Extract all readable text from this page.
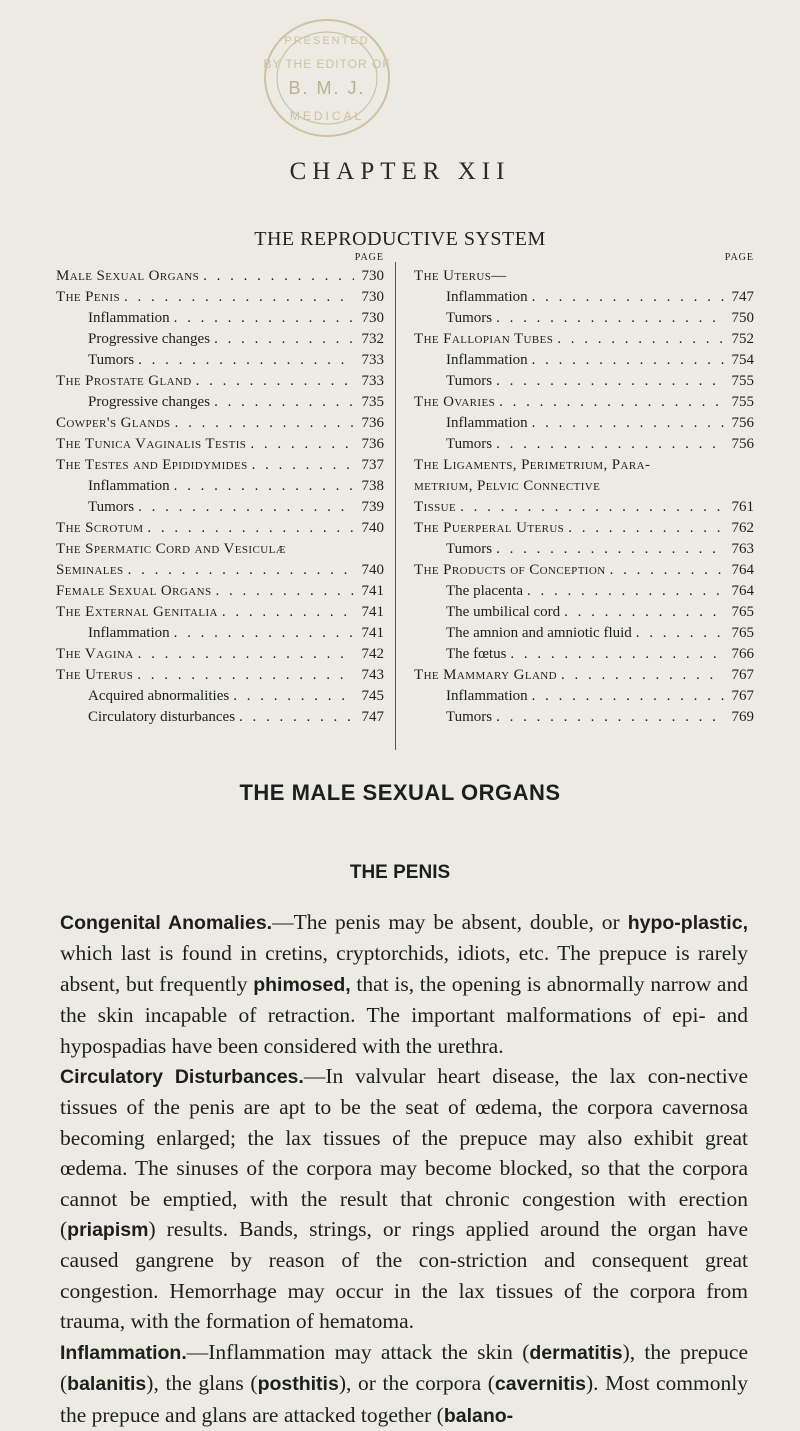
PRESENTED
BY THE EDITOR OF
B. M. J.
MEDICAL
CHAPTER XII
THE REPRODUCTIVE SYSTEM
PAGE
Male Sexual Organs . . .	730
The Penis . . .	730
Inflammation . . .	730
Progressive changes . . .	732
Tumors . . .	733
The Prostate Gland . . .	733
Progressive changes . . .	735
Cowper's Glands . . .	736
The Tunica Vaginalis Testis . . .	736
The Testes and Epididymides . . .	737
Inflammation . . .	738
Tumors . . .	739
The Scrotum . . .	740
The Spermatic Cord and Vesiculæ
Seminales . . .	740
Female Sexual Organs . . .	741
The External Genitalia . . .	741
Inflammation . . .	741
The Vagina . . .	742
The Uterus . . .	743
Acquired abnormalities . . .	745
Circulatory disturbances . . .	747
PAGE
The Uterus—
Inflammation . . .	747
Tumors . . .	750
The Fallopian Tubes . . .	752
Inflammation . . .	754
Tumors . . .	755
The Ovaries . . .	755
Inflammation . . .	756
Tumors . . .	756
The Ligaments, Perimetrium, Para-
metrium, Pelvic Connective
Tissue . . .	761
The Puerperal Uterus . . .	762
Tumors . . .	763
The Products of Conception . . .	764
The placenta . . .	764
The umbilical cord . . .	765
The amnion and amniotic fluid . . .	765
The fœtus . . .	766
The Mammary Gland . . .	767
Inflammation . . .	767
Tumors . . .	769
THE MALE SEXUAL ORGANS
THE PENIS

Congenital Anomalies.—The penis may be absent, double, or hypo-plastic, which last is found in cretins, cryptorchids, idiots, etc. The prepuce is rarely absent, but frequently phimosed, that is, the opening is abnormally narrow and the skin incapable of retraction. The important malformations of epi- and hypospadias have been considered with the urethra.

Circulatory Disturbances.—In valvular heart disease, the lax con-nective tissues of the penis are apt to be the seat of œdema, the corpora cavernosa becoming enlarged; the lax tissues of the prepuce may also exhibit great œdema. The sinuses of the corpora may become blocked, so that the corpora cannot be emptied, with the result that chronic congestion with erection (priapism) results. Bands, strings, or rings applied around the organ have caused gangrene by reason of the con-striction and consequent great congestion. Hemorrhage may occur in the lax tissues of the corpora from trauma, with the formation of hematoma.

Inflammation.—Inflammation may attack the skin (dermatitis), the prepuce (balanitis), the glans (posthitis), or the corpora (cavernitis). Most commonly the prepuce and glans are attacked together (balano-
